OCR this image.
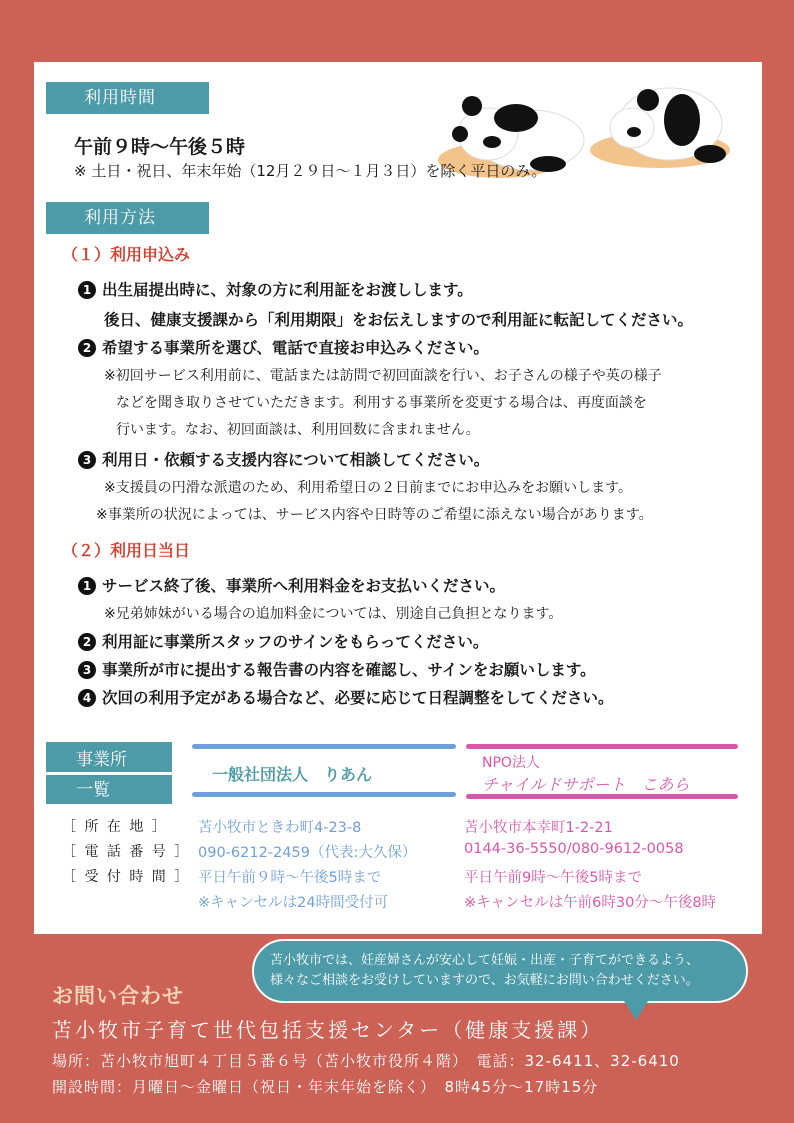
利用時間
午前９時～午後５時
※ 土日・祝日、年末年始（12月２９日～１月３日）を除く平日のみ。
利用方法
（１）利用申込み
1 出生届提出時に、対象の方に利用証をお渡しします。
後日、健康支援課から「利用期限」をお伝えしますので利用証に転記してください。
2 希望する事業所を選び、電話で直接お申込みください。
※初回サービス利用前に、電話または訪問で初回面談を行い、お子さんの様子や英の様子
などを聞き取りさせていただきます。利用する事業所を変更する場合は、再度面談を
行います。なお、初回面談は、利用回数に含まれません。
3 利用日・依頼する支援内容について相談してください。
※支援員の円滑な派遣のため、利用希望日の２日前までにお申込みをお願いします。
※事業所の状況によっては、サービス内容や日時等のご希望に添えない場合があります。
（２）利用日当日
1 サービス終了後、事業所へ利用料金をお支払いください。
※兄弟姉妹がいる場合の追加料金については、別途自己負担となります。
2 利用証に事業所スタッフのサインをもらってください。
3 事業所が市に提出する報告書の内容を確認し、サインをお願いします。
4 次回の利用予定がある場合など、必要に応じて日程調整をしてください。
事業所
一覧
一般社団法人　りあん
NPO法人
チャイルドサポート　こあら
［ 所 在 地 ］
［ 電 話 番 号 ］
［ 受 付 時 間 ］
苫小牧市ときわ町4-23-8
090-6212-2459（代表:大久保）
平日午前９時～午後5時まで
※キャンセルは24時間受付可
苫小牧市本幸町1-2-21
0144-36-5550/080-9612-0058
平日午前9時～午後5時まで
※キャンセルは午前6時30分～午後8時
苫小牧市では、妊産婦さんが安心して妊娠・出産・子育てができるよう、
様々なご相談をお受けしていますので、お気軽にお問い合わせください。
お問い合わせ
苫小牧市子育て世代包括支援センター（健康支援課）
場所：苫小牧市旭町４丁目５番６号（苫小牧市役所４階）　電話：32-6411、32-6410
開設時間：月曜日～金曜日（祝日・年末年始を除く）　8時45分～17時15分
